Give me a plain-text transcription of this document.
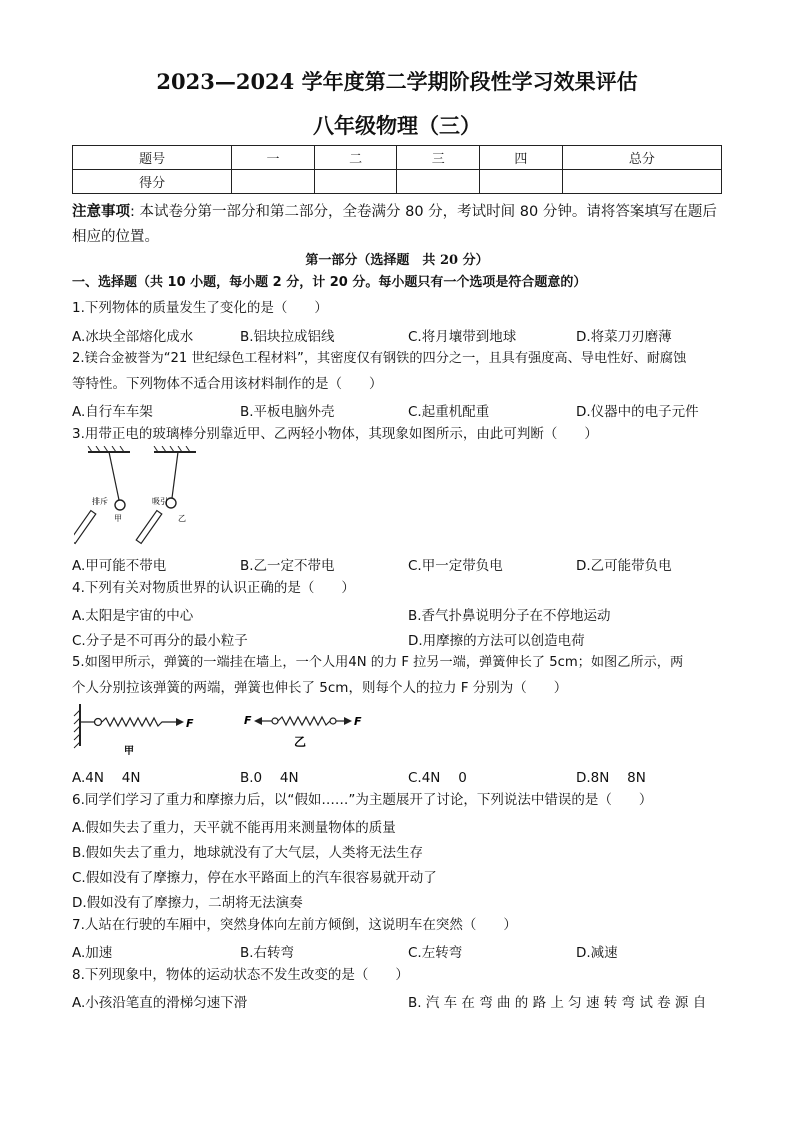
2023—2024 学年度第二学期阶段性学习效果评估
八年级物理（三）
题号	一	二	三	四	总分
得分					
注意事项: 本试卷分第一部分和第二部分，全卷满分 80 分，考试时间 80 分钟。请将答案填写在题后相应的位置。
第一部分（选择题　共 20 分）
一、选择题（共 10 小题，每小题 2 分，计 20 分。每小题只有一个选项是符合题意的）
1.下列物体的质量发生了变化的是（　　）
A.冰块全部熔化成水	B.铝块拉成铝线	C.将月壤带到地球	D.将菜刀刃磨薄
2.镁合金被誉为“21 世纪绿色工程材料”，其密度仅有钢铁的四分之一，且具有强度高、导电性好、耐腐蚀
等特性。下列物体不适合用该材料制作的是（　　）
A.自行车车架	B.平板电脑外壳	C.起重机配重	D.仪器中的电子元件
3.用带正电的玻璃棒分别靠近甲、乙两轻小物体，其现象如图所示，由此可判断（　　）
排斥
甲
吸引
乙
A.甲可能不带电	B.乙一定不带电	C.甲一定带负电	D.乙可能带负电
4.下列有关对物质世界的认识正确的是（　　）
A.太阳是宇宙的中心	B.香气扑鼻说明分子在不停地运动
C.分子是不可再分的最小粒子	D.用摩擦的方法可以创造电荷
5.如图甲所示，弹簧的一端挂在墙上，一个人用4N 的力 F 拉另一端，弹簧伸长了 5cm；如图乙所示，两
个人分别拉该弹簧的两端，弹簧也伸长了 5cm，则每个人的拉力 F 分别为（　　）
F
甲
F	F
乙
A.4N　 4N	B.0　 4N	C.4N　 0	D.8N　 8N
6.同学们学习了重力和摩擦力后，以“假如……”为主题展开了讨论，下列说法中错误的是（　　）
A.假如失去了重力，天平就不能再用来测量物体的质量
B.假如失去了重力，地球就没有了大气层，人类将无法生存
C.假如没有了摩擦力，停在水平路面上的汽车很容易就开动了
D.假如没有了摩擦力，二胡将无法演奏
7.人站在行驶的车厢中，突然身体向左前方倾倒，这说明车在突然（　　）
A.加速	B.右转弯	C.左转弯	D.减速
8.下列现象中，物体的运动状态不发生改变的是（　　）
A.小孩沿笔直的滑梯匀速下滑	B. 汽 车 在 弯 曲 的 路 上 匀 速 转 弯 试 卷 源 自
